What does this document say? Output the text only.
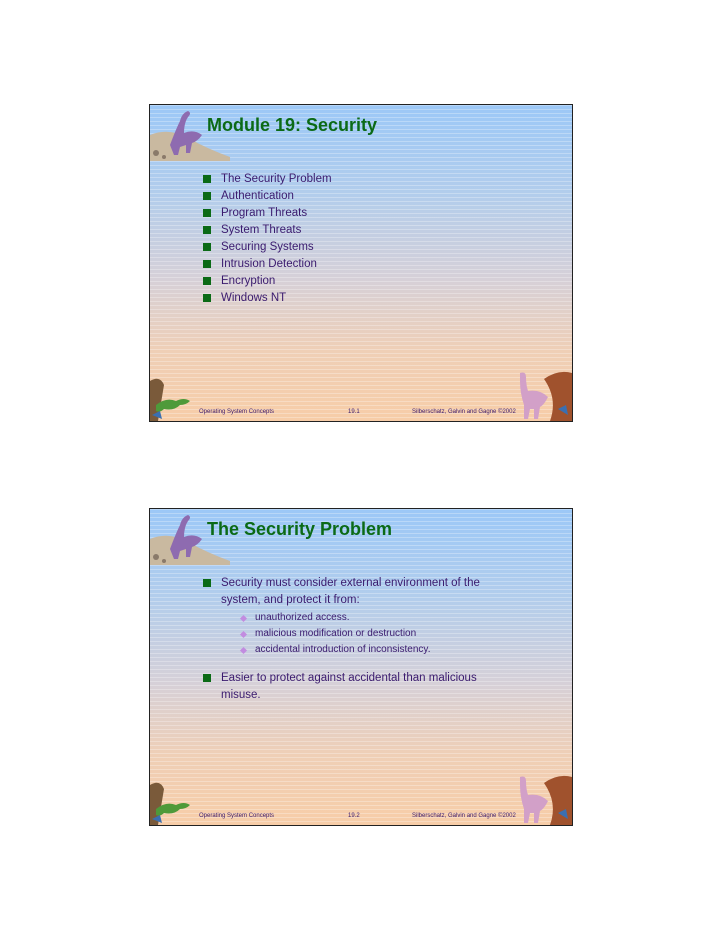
Module 19: Security
The Security Problem
Authentication
Program Threats
System Threats
Securing Systems
Intrusion Detection
Encryption
Windows NT
Operating System Concepts	19.1	Silberschatz, Galvin and Gagne ©2002
The Security Problem
Security must consider external environment of the system, and protect it from:
unauthorized access.
malicious modification or destruction
accidental introduction of inconsistency.
Easier to protect against accidental than malicious misuse.
Operating System Concepts	19.2	Silberschatz, Galvin and Gagne ©2002
